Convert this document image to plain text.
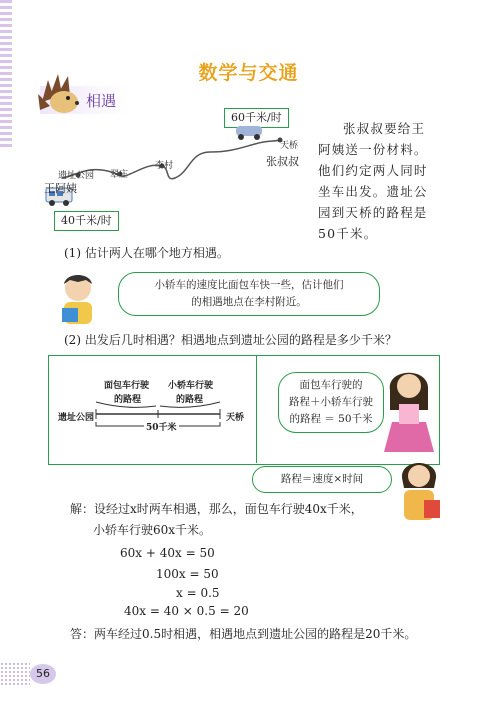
数学与交通
相遇
60千米/时
遗址公园 翠庄
李村
天桥
张叔叔
王阿姨
40千米/时
张叔叔要给王
阿姨送一份材料。
他们约定两人同时
坐车出发。遗址公
园到天桥的路程是
50千米。
(1) 估计两人在哪个地方相遇。
小轿车的速度比面包车快一些，估计他们
的相遇地点在李村附近。
(2) 出发后几时相遇？相遇地点到遗址公园的路程是多少千米？
面包车行驶
的路程
小轿车行驶
的路程
遗址公园	天桥
50千米
面包车行驶的
路程＋小轿车行驶
的路程 ＝ 50千米
路程＝速度×时间
解：设经过x时两车相遇，那么，面包车行驶40x千米，
小轿车行驶60x千米。
60x + 40x = 50
100x = 50
x = 0.5
40x = 40 × 0.5 = 20
答：两车经过0.5时相遇，相遇地点到遗址公园的路程是20千米。
56
